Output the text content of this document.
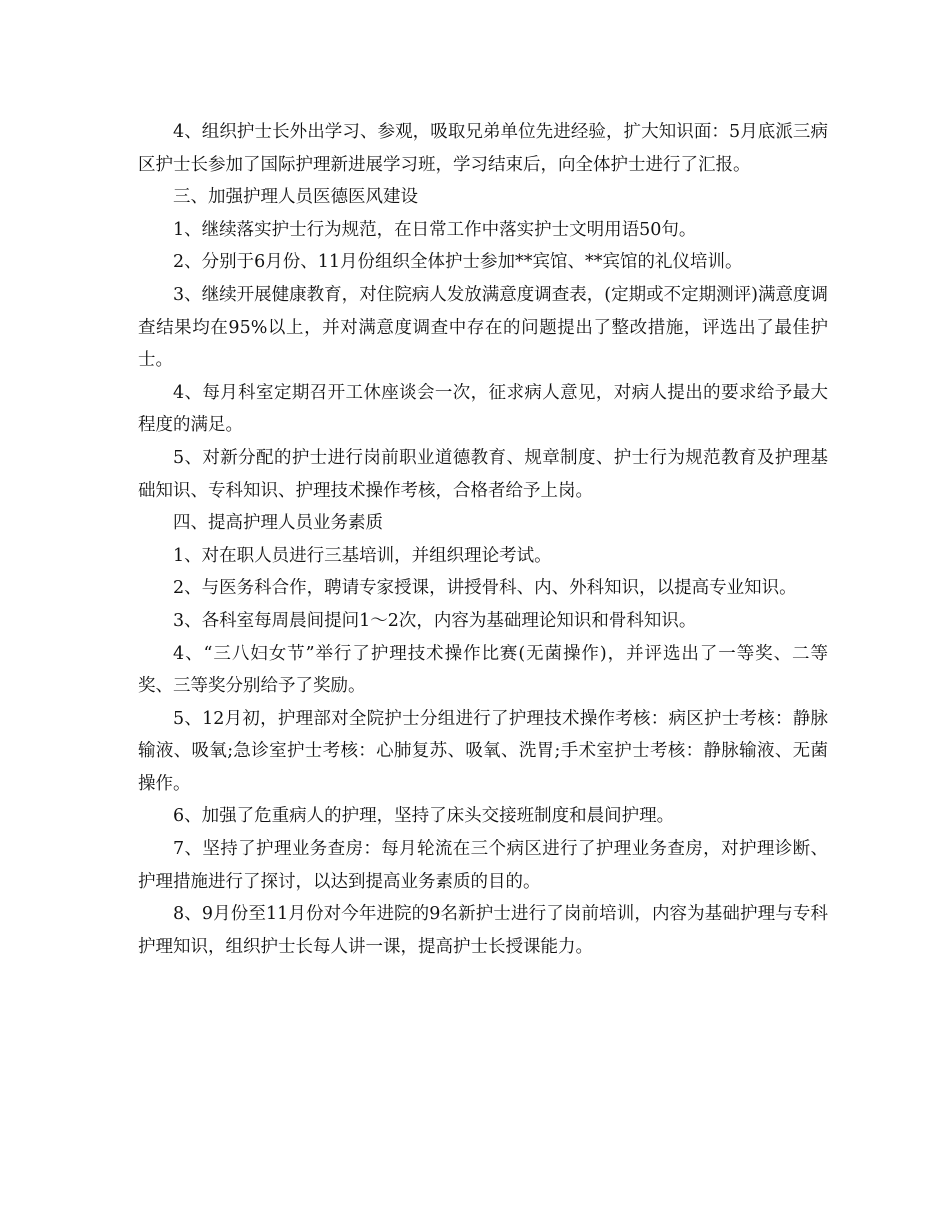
4、组织护士长外出学习、参观，吸取兄弟单位先进经验，扩大知识面：5月底派三病区护士长参加了国际护理新进展学习班，学习结束后，向全体护士进行了汇报。

三、加强护理人员医德医风建设

1、继续落实护士行为规范，在日常工作中落实护士文明用语50句。

2、分别于6月份、11月份组织全体护士参加**宾馆、**宾馆的礼仪培训。

3、继续开展健康教育，对住院病人发放满意度调查表，(定期或不定期测评)满意度调查结果均在95%以上，并对满意度调查中存在的问题提出了整改措施，评选出了最佳护士。

4、每月科室定期召开工休座谈会一次，征求病人意见，对病人提出的要求给予最大程度的满足。

5、对新分配的护士进行岗前职业道德教育、规章制度、护士行为规范教育及护理基础知识、专科知识、护理技术操作考核，合格者给予上岗。

四、提高护理人员业务素质

1、对在职人员进行三基培训，并组织理论考试。

2、与医务科合作，聘请专家授课，讲授骨科、内、外科知识，以提高专业知识。

3、各科室每周晨间提问1～2次，内容为基础理论知识和骨科知识。

4、“三八妇女节”举行了护理技术操作比赛(无菌操作)，并评选出了一等奖、二等奖、三等奖分别给予了奖励。

5、12月初，护理部对全院护士分组进行了护理技术操作考核：病区护士考核：静脉输液、吸氧;急诊室护士考核：心肺复苏、吸氧、洗胃;手术室护士考核：静脉输液、无菌操作。

6、加强了危重病人的护理，坚持了床头交接班制度和晨间护理。

7、坚持了护理业务查房：每月轮流在三个病区进行了护理业务查房，对护理诊断、护理措施进行了探讨，以达到提高业务素质的目的。

8、9月份至11月份对今年进院的9名新护士进行了岗前培训，内容为基础护理与专科护理知识，组织护士长每人讲一课，提高护士长授课能力。
